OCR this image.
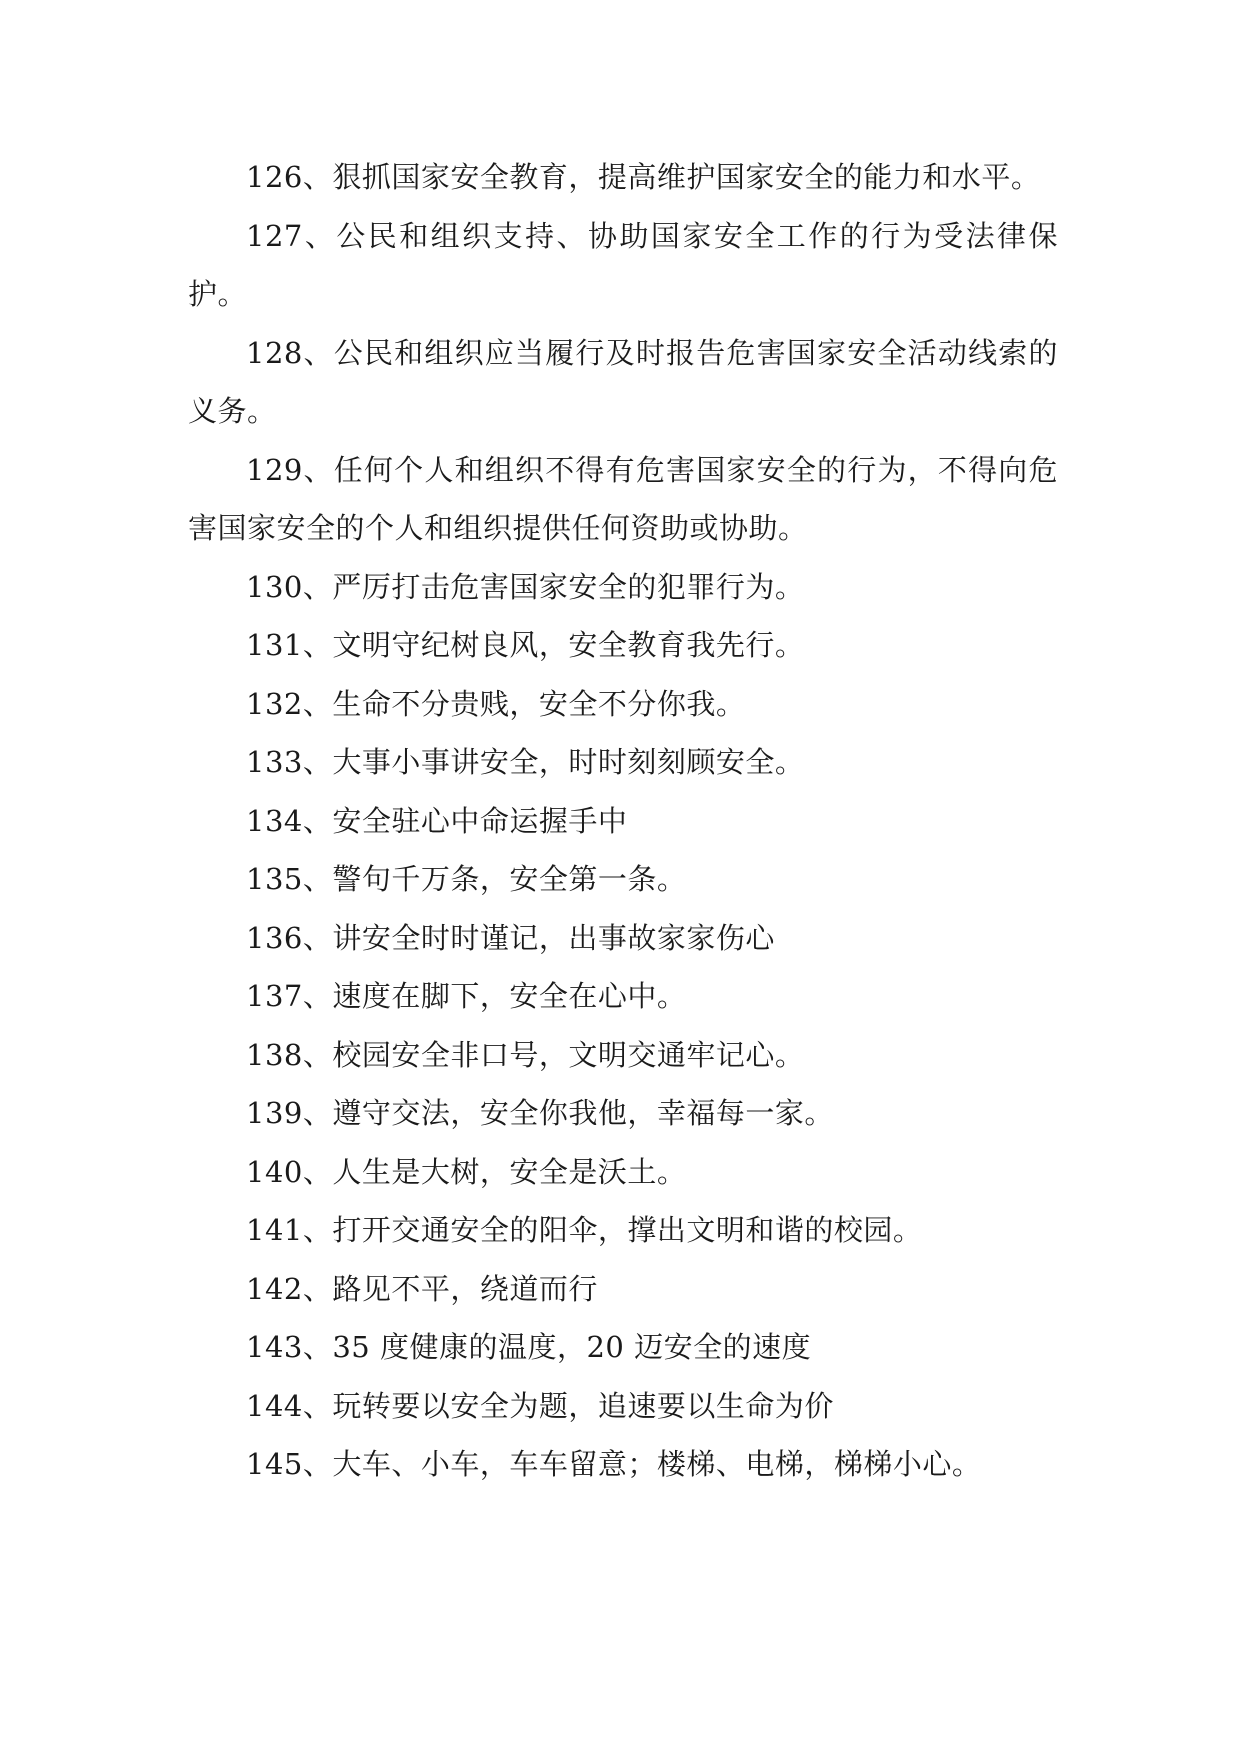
126、狠抓国家安全教育，提高维护国家安全的能力和水平。

127、公民和组织支持、协助国家安全工作的行为受法律保护。

128、公民和组织应当履行及时报告危害国家安全活动线索的义务。

129、任何个人和组织不得有危害国家安全的行为，不得向危害国家安全的个人和组织提供任何资助或协助。

130、严厉打击危害国家安全的犯罪行为。

131、文明守纪树良风，安全教育我先行。

132、生命不分贵贱，安全不分你我。

133、大事小事讲安全，时时刻刻顾安全。

134、安全驻心中命运握手中

135、警句千万条，安全第一条。

136、讲安全时时谨记，出事故家家伤心

137、速度在脚下，安全在心中。

138、校园安全非口号，文明交通牢记心。

139、遵守交法，安全你我他，幸福每一家。

140、人生是大树，安全是沃土。

141、打开交通安全的阳伞，撑出文明和谐的校园。

142、路见不平，绕道而行

143、35 度健康的温度，20 迈安全的速度

144、玩转要以安全为题，追速要以生命为价

145、大车、小车，车车留意；楼梯、电梯，梯梯小心。
